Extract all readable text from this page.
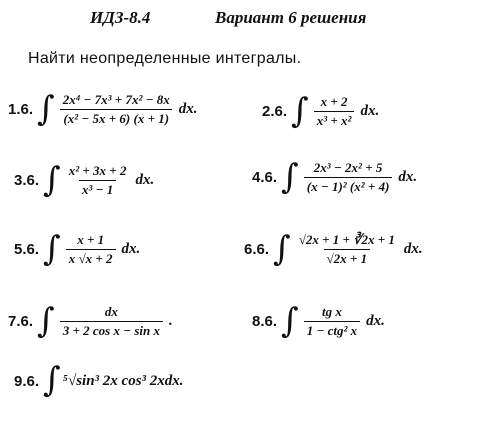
ИДЗ-8.4	Вариант 6 решения
Найти неопределенные интегралы.
1.6. ∫ $\frac{\text{2x⁴ − 7x³ + 7x² − 8x}}{\text{(x² − 5x + 6) (x + 1)}}$ dx.	2.6. ∫ $\frac{x + 2}{\text{x³ + x²}}$ dx.
3.6. ∫ $\frac{\text{x² + 3x + 2}}{\text{x³ − 1}}$ dx.	4.6. ∫ $\frac{\text{2x³ − 2x² + 5}}{\text{(x − 1)² (x² + 4)}}$ dx.
5.6. ∫ $\frac{x + 1}{x √x + 2}$ dx.	6.6. ∫ $\frac{√2x + 1 + ∛2x + 1}{√2x + 1}$ dx.
7.6. ∫ $\frac{dx}{\text{3 + 2 cos x − sin x}}$ .	8.6. ∫ $\frac{\text{tg x}}{\text{1 − ctg² x}}$ dx.
9.6. ∫ ⁵√sin³ 2x cos³ 2xdx.
